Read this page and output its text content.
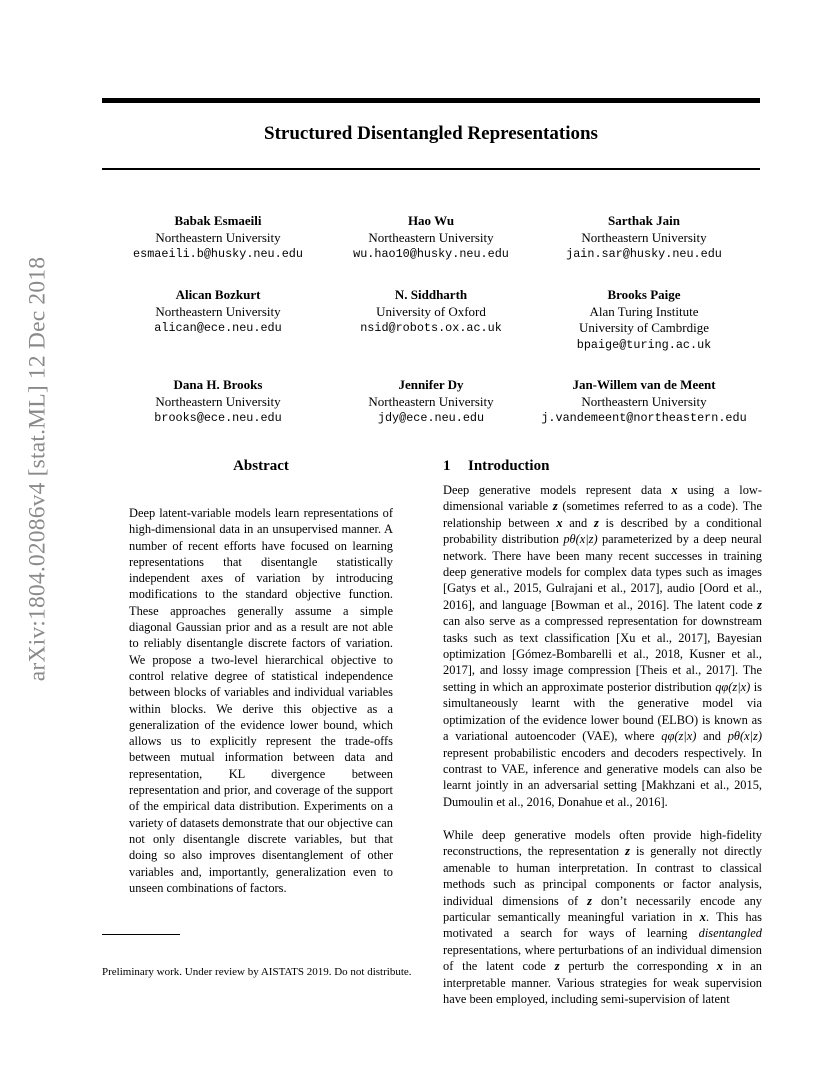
Structured Disentangled Representations
arXiv:1804.02086v4 [stat.ML] 12 Dec 2018
Babak Esmaeili
Northeastern University
esmaeili.b@husky.neu.edu
Hao Wu
Northeastern University
wu.hao10@husky.neu.edu
Sarthak Jain
Northeastern University
jain.sar@husky.neu.edu
Alican Bozkurt
Northeastern University
alican@ece.neu.edu
N. Siddharth
University of Oxford
nsid@robots.ox.ac.uk
Brooks Paige
Alan Turing Institute
University of Cambrdige
bpaige@turing.ac.uk
Dana H. Brooks
Northeastern University
brooks@ece.neu.edu
Jennifer Dy
Northeastern University
jdy@ece.neu.edu
Jan-Willem van de Meent
Northeastern University
j.vandemeent@northeastern.edu
Abstract
Deep latent-variable models learn representations of high-dimensional data in an unsupervised manner. A number of recent efforts have focused on learning representations that disentangle statistically independent axes of variation by introducing modifications to the standard objective function. These approaches generally assume a simple diagonal Gaussian prior and as a result are not able to reliably disentangle discrete factors of variation. We propose a two-level hierarchical objective to control relative degree of statistical independence between blocks of variables and individual variables within blocks. We derive this objective as a generalization of the evidence lower bound, which allows us to explicitly represent the trade-offs between mutual information between data and representation, KL divergence between representation and prior, and coverage of the support of the empirical data distribution. Experiments on a variety of datasets demonstrate that our objective can not only disentangle discrete variables, but that doing so also improves disentanglement of other variables and, importantly, generalization even to unseen combinations of factors.
1 Introduction
Deep generative models represent data x using a low-dimensional variable z (sometimes referred to as a code). The relationship between x and z is described by a conditional probability distribution pθ(x|z) parameterized by a deep neural network. There have been many recent successes in training deep generative models for complex data types such as images [Gatys et al., 2015, Gulrajani et al., 2017], audio [Oord et al., 2016], and language [Bowman et al., 2016]. The latent code z can also serve as a compressed representation for downstream tasks such as text classification [Xu et al., 2017], Bayesian optimization [Gómez-Bombarelli et al., 2018, Kusner et al., 2017], and lossy image compression [Theis et al., 2017]. The setting in which an approximate posterior distribution qφ(z|x) is simultaneously learnt with the generative model via optimization of the evidence lower bound (ELBO) is known as a variational autoencoder (VAE), where qφ(z|x) and pθ(x|z) represent probabilistic encoders and decoders respectively. In contrast to VAE, inference and generative models can also be learnt jointly in an adversarial setting [Makhzani et al., 2015, Dumoulin et al., 2016, Donahue et al., 2016].
While deep generative models often provide high-fidelity reconstructions, the representation z is generally not directly amenable to human interpretation. In contrast to classical methods such as principal components or factor analysis, individual dimensions of z don’t necessarily encode any particular semantically meaningful variation in x. This has motivated a search for ways of learning disentangled representations, where perturbations of an individual dimension of the latent code z perturb the corresponding x in an interpretable manner. Various strategies for weak supervision have been employed, including semi-supervision of latent
Preliminary work. Under review by AISTATS 2019. Do not distribute.
